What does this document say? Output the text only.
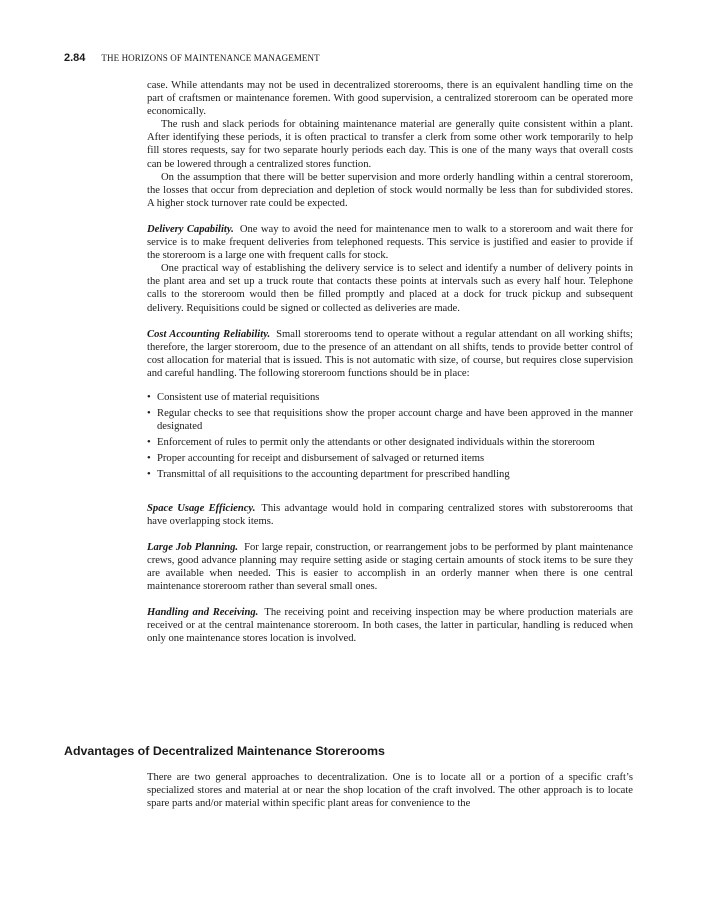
2.84 THE HORIZONS OF MAINTENANCE MANAGEMENT

case. While attendants may not be used in decentralized storerooms, there is an equivalent handling time on the part of craftsmen or maintenance foremen. With good supervision, a centralized storeroom can be operated more economically.

The rush and slack periods for obtaining maintenance material are generally quite consistent within a plant. After identifying these periods, it is often practical to transfer a clerk from some other work temporarily to help fill stores requests, say for two separate hourly periods each day. This is one of the many ways that overall costs can be lowered through a centralized stores function.

On the assumption that there will be better supervision and more orderly handling within a central storeroom, the losses that occur from depreciation and depletion of stock would normally be less than for subdivided stores. A higher stock turnover rate could be expected.

Delivery Capability. One way to avoid the need for maintenance men to walk to a storeroom and wait there for service is to make frequent deliveries from telephoned requests. This service is justified and easier to provide if the storeroom is a large one with frequent calls for stock.

One practical way of establishing the delivery service is to select and identify a number of delivery points in the plant area and set up a truck route that contacts these points at intervals such as every half hour. Telephone calls to the storeroom would then be filled promptly and placed at a dock for truck pickup and subsequent delivery. Requisitions could be signed or collected as deliveries are made.

Cost Accounting Reliability. Small storerooms tend to operate without a regular attendant on all working shifts; therefore, the larger storeroom, due to the presence of an attendant on all shifts, tends to provide better control of cost allocation for material that is issued. This is not automatic with size, of course, but requires close supervision and careful handling. The following storeroom functions should be in place:

• Consistent use of material requisitions
• Regular checks to see that requisitions show the proper account charge and have been approved in the manner designated
• Enforcement of rules to permit only the attendants or other designated individuals within the storeroom
• Proper accounting for receipt and disbursement of salvaged or returned items
• Transmittal of all requisitions to the accounting department for prescribed handling

Space Usage Efficiency. This advantage would hold in comparing centralized stores with substorerooms that have overlapping stock items.

Large Job Planning. For large repair, construction, or rearrangement jobs to be performed by plant maintenance crews, good advance planning may require setting aside or staging certain amounts of stock items to be sure they are available when needed. This is easier to accomplish in an orderly manner when there is one central maintenance storeroom rather than several small ones.

Handling and Receiving. The receiving point and receiving inspection may be where production materials are received or at the central maintenance storeroom. In both cases, the latter in particular, handling is reduced when only one maintenance stores location is involved.

Advantages of Decentralized Maintenance Storerooms

There are two general approaches to decentralization. One is to locate all or a portion of a specific craft’s specialized stores and material at or near the shop location of the craft involved. The other approach is to locate spare parts and/or material within specific plant areas for convenience to the
